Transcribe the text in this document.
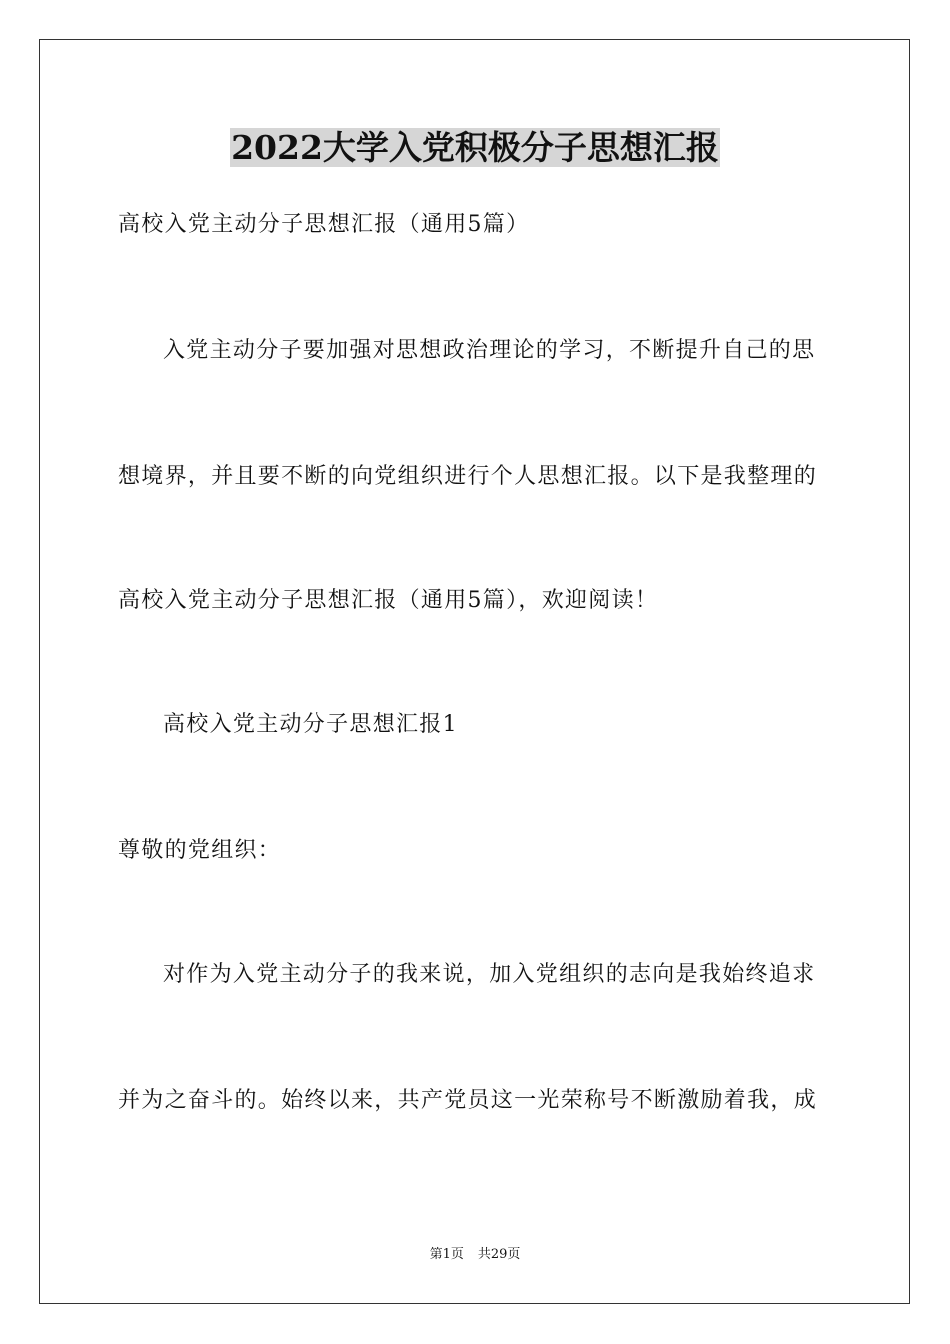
2022大学入党积极分子思想汇报
高校入党主动分子思想汇报（通用5篇）
入党主动分子要加强对思想政治理论的学习，不断提升自己的思
想境界，并且要不断的向党组织进行个人思想汇报。以下是我整理的
高校入党主动分子思想汇报（通用5篇），欢迎阅读！
高校入党主动分子思想汇报1
尊敬的党组织：
对作为入党主动分子的我来说，加入党组织的志向是我始终追求
并为之奋斗的。始终以来，共产党员这一光荣称号不断激励着我，成
第1页 共29页
